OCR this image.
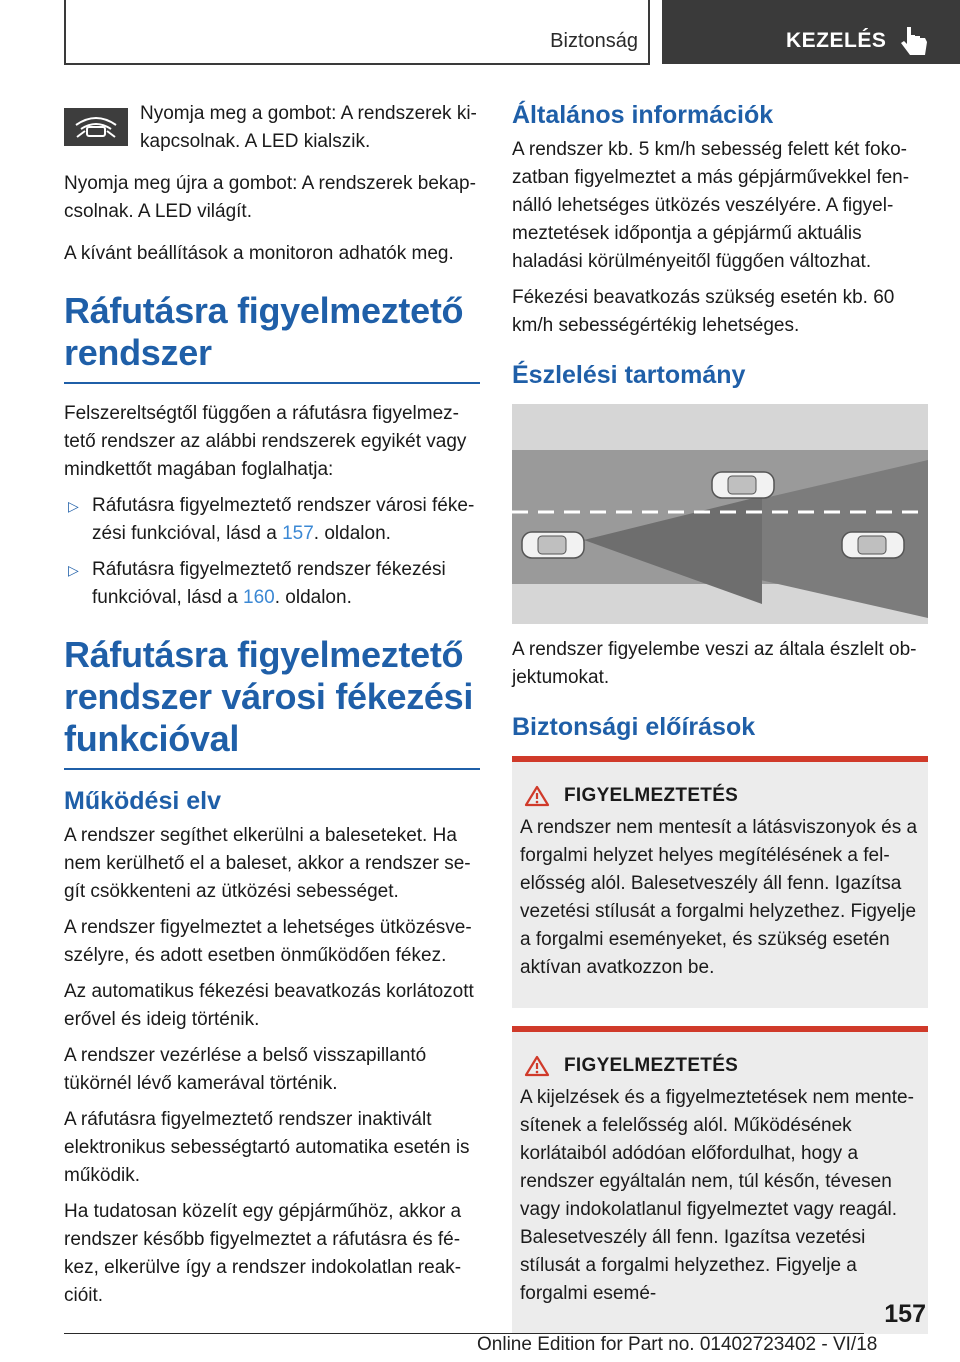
Biztonság	KEZELÉS

Nyomja meg a gombot: A rendszerek kikapcsolnak. A LED kialszik.

Nyomja meg újra a gombot: A rendszerek bekapcsolnak. A LED világít.

A kívánt beállítások a monitoron adhatók meg.

Ráfutásra figyelmeztető rendszer

Felszereltségtől függően a ráfutásra figyelmeztető rendszer az alábbi rendszerek egyikét vagy mindkettőt magában foglalhatja:

▷ Ráfutásra figyelmeztető rendszer városi fékezési funkcióval, lásd a 157. oldalon.
▷ Ráfutásra figyelmeztető rendszer fékezési funkcióval, lásd a 160. oldalon.
Ráfutásra figyelmeztető rendszer városi fékezési funkcióval
Működési elv

A rendszer segíthet elkerülni a baleseteket. Ha nem kerülhető el a baleset, akkor a rendszer segít csökkenteni az ütközési sebességet.

A rendszer figyelmeztet a lehetséges ütközésveszélyre, és adott esetben önműködően fékez.

Az automatikus fékezési beavatkozás korlátozott erővel és ideig történik.

A rendszer vezérlése a belső visszapillantó tükörnél lévő kamerával történik.

A ráfutásra figyelmeztető rendszer inaktivált elektronikus sebességtartó automatika esetén is működik.

Ha tudatosan közelít egy gépjárműhöz, akkor a rendszer később figyelmeztet a ráfutásra és fékez, elkerülve így a rendszer indokolatlan reakcióit.

Általános információk

A rendszer kb. 5 km/h sebesség felett két fokozatban figyelmeztet a más gépjárművekkel fennálló lehetséges ütközés veszélyére. A figyelmeztetések időpontja a gépjármű aktuális haladási körülményeitől függően változhat.

Fékezési beavatkozás szükség esetén kb. 60 km/h sebességértékig lehetséges.

Észlelési tartomány

A rendszer figyelembe veszi az általa észlelt objektumokat.

Biztonsági előírások
FIGYELMEZTETÉS

A rendszer nem mentesít a látásviszonyok és a forgalmi helyzet helyes megítélésének a felelősség alól. Balesetveszély áll fenn. Igazítsa vezetési stílusát a forgalmi helyzethez. Figyelje a forgalmi eseményeket, és szükség esetén aktívan avatkozzon be.

FIGYELMEZTETÉS

A kijelzések és a figyelmeztetések nem mentesítenek a felelősség alól. Működésének korlátaiból adódóan előfordulhat, hogy a rendszer egyáltalán nem, túl későn, tévesen vagy indokolatlanul figyelmeztet vagy reagál. Balesetveszély áll fenn. Igazítsa vezetési stílusát a forgalmi helyzethez. Figyelje a forgalmi esemé-

157
Online Edition for Part no. 01402723402 - VI/18
